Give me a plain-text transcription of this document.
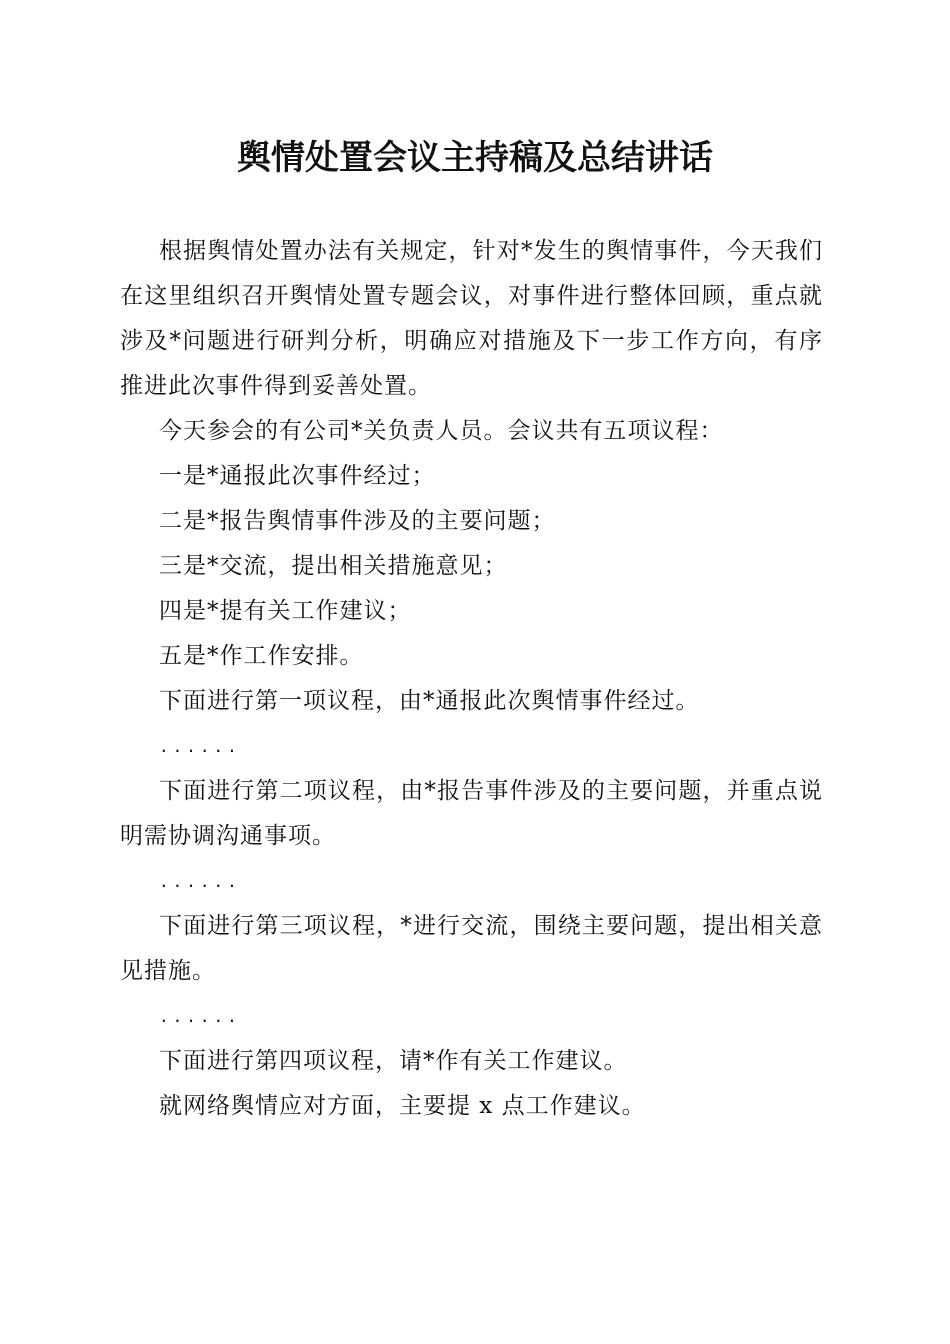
舆情处置会议主持稿及总结讲话

根据舆情处置办法有关规定，针对*发生的舆情事件，今天我们在这里组织召开舆情处置专题会议，对事件进行整体回顾，重点就涉及*问题进行研判分析，明确应对措施及下一步工作方向，有序推进此次事件得到妥善处置。

今天参会的有公司*关负责人员。会议共有五项议程：

一是*通报此次事件经过；

二是*报告舆情事件涉及的主要问题；

三是*交流，提出相关措施意见；

四是*提有关工作建议；

五是*作工作安排。

下面进行第一项议程，由*通报此次舆情事件经过。

......

下面进行第二项议程，由*报告事件涉及的主要问题，并重点说明需协调沟通事项。

......

下面进行第三项议程，*进行交流，围绕主要问题，提出相关意见措施。

......

下面进行第四项议程，请*作有关工作建议。

就网络舆情应对方面，主要提 x 点工作建议。
